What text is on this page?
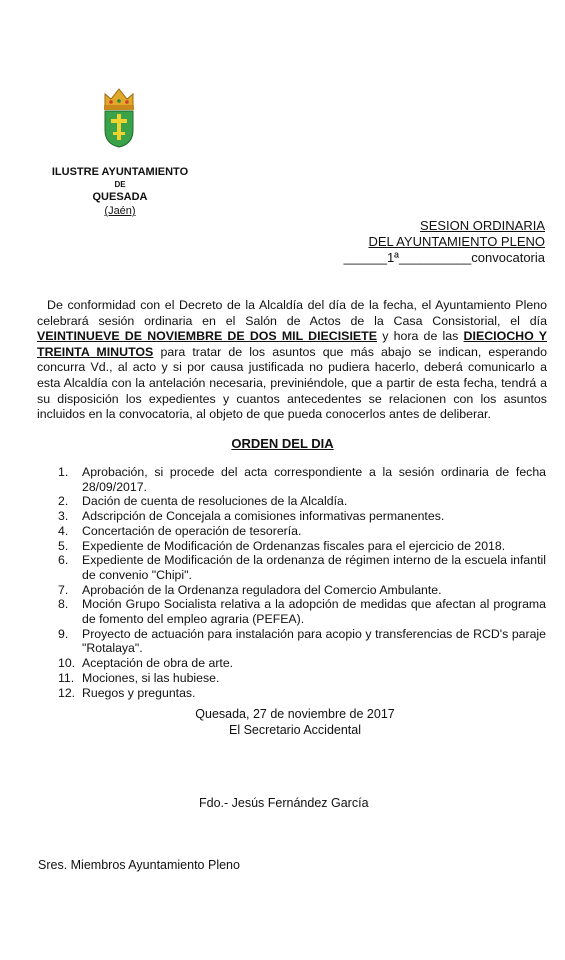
ILUSTRE AYUNTAMIENTO
DE
QUESADA
(Jaén)
SESION ORDINARIA
DEL AYUNTAMIENTO PLENO
______1ª__________convocatoria

De conformidad con el Decreto de la Alcaldía del día de la fecha, el Ayuntamiento Pleno celebrará sesión ordinaria en el Salón de Actos de la Casa Consistorial, el día VEINTINUEVE DE NOVIEMBRE DE DOS MIL DIECISIETE y hora de las DIECIOCHO Y TREINTA MINUTOS para tratar de los asuntos que más abajo se indican, esperando concurra Vd., al acto y si por causa justificada no pudiera hacerlo, deberá comunicarlo a esta Alcaldía con la antelación necesaria, previniéndole, que a partir de esta fecha, tendrá a su disposición los expedientes y cuantos antecedentes se relacionen con los asuntos incluidos en la convocatoria, al objeto de que pueda conocerlos antes de deliberar.

ORDEN DEL DIA
1.	Aprobación, si procede del acta correspondiente a la sesión ordinaria de fecha 28/09/2017.
2.	Dación de cuenta de resoluciones de la Alcaldía.
3.	Adscripción de Concejala a comisiones informativas permanentes.
4.	Concertación de operación de tesorería.
5.	Expediente de Modificación de Ordenanzas fiscales para el ejercicio de 2018.
6.	Expediente de Modificación de la ordenanza de régimen interno de la escuela infantil de convenio "Chipi".
7.	Aprobación de la Ordenanza reguladora del Comercio Ambulante.
8.	Moción Grupo Socialista relativa a la adopción de medidas que afectan al programa de fomento del empleo agraria (PEFEA).
9.	Proyecto de actuación para instalación para acopio y transferencias de RCD's paraje "Rotalaya".
10. Aceptación de obra de arte.
11. Mociones, si las hubiese.
12. Ruegos y preguntas.
Quesada, 27 de noviembre de 2017
El Secretario Accidental
Fdo.- Jesús Fernández García
Sres. Miembros Ayuntamiento Pleno
